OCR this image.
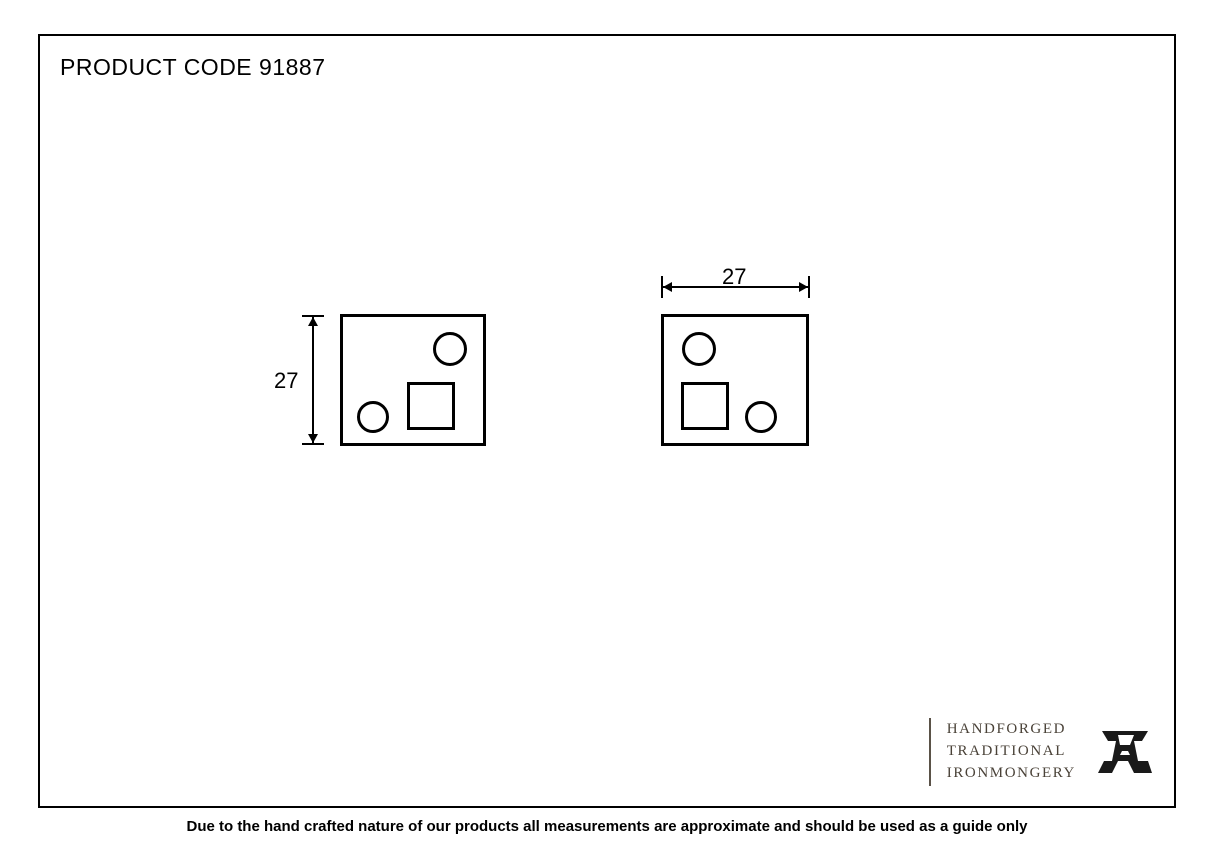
PRODUCT CODE 91887
27
27
HANDFORGED
TRADITIONAL
IRONMONGERY
Due to the hand crafted nature of our products all measurements are approximate and should be used as a guide only
